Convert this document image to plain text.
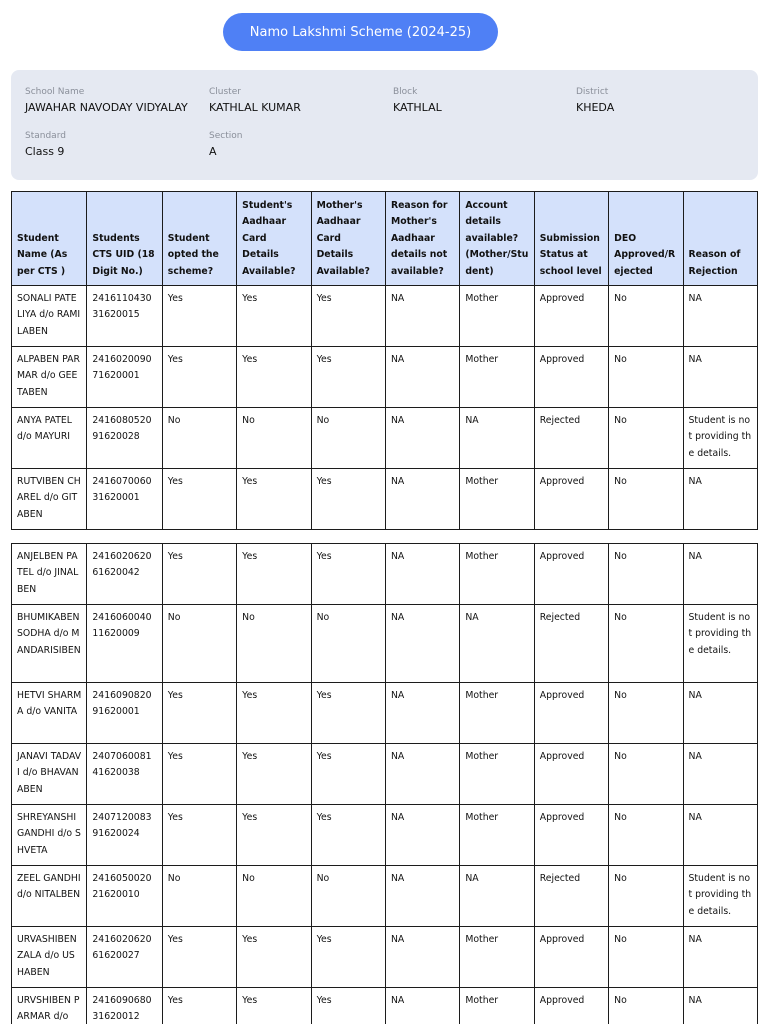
Namo Lakshmi Scheme (2024-25)
School Name
JAWAHAR NAVODAY VIDYALAY
Cluster
KATHLAL KUMAR
Block
KATHLAL
District
KHEDA
Standard
Class 9
Section
A
Student Name (As per CTS )	Students CTS UID (18 Digit No.)	Student opted the scheme?	Student's Aadhaar Card Details Available?	Mother's Aadhaar Card Details Available?	Reason for Mother's Aadhaar details not available?	Account details available? (Mother/Student)	Submission Status at school level	DEO Approved/Rejected	Reason of Rejection
SONALI PATELIYA d/o RAMILABEN	241611043031620015	Yes	Yes	Yes	NA	Mother	Approved	No	NA
ALPABEN PARMAR d/o GEETABEN	241602009071620001	Yes	Yes	Yes	NA	Mother	Approved	No	NA
ANYA PATEL d/o MAYURI	241608052091620028	No	No	No	NA	NA	Rejected	No	Student is not providing the details.
RUTVIBEN CHAREL d/o GITABEN	241607006031620001	Yes	Yes	Yes	NA	Mother	Approved	No	NA
ANJELBEN PATEL d/o JINALBEN	241602062061620042	Yes	Yes	Yes	NA	Mother	Approved	No	NA
BHUMIKABEN SODHA d/o MANDARISIBEN	241606004011620009	No	No	No	NA	NA	Rejected	No	Student is not providing the details.
HETVI SHARMA d/o VANITA	241609082091620001	Yes	Yes	Yes	NA	Mother	Approved	No	NA
JANAVI TADAVI d/o BHAVANABEN	240706008141620038	Yes	Yes	Yes	NA	Mother	Approved	No	NA
SHREYANSHI GANDHI d/o SHVETA	240712008391620024	Yes	Yes	Yes	NA	Mother	Approved	No	NA
ZEEL GANDHI d/o NITALBEN	241605002021620010	No	No	No	NA	NA	Rejected	No	Student is not providing the details.
URVASHIBEN ZALA d/o USHABEN	241602062061620027	Yes	Yes	Yes	NA	Mother	Approved	No	NA
URVSHIBEN PARMAR d/o	241609068031620012	Yes	Yes	Yes	NA	Mother	Approved	No	NA
